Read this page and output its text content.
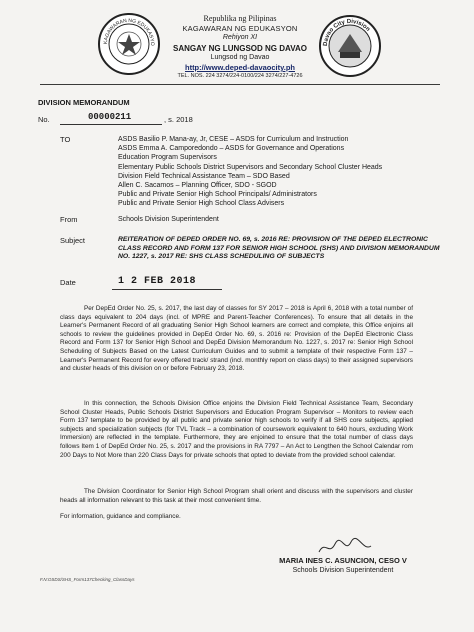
KAGAWARAN NG EDUKASYO	Davao City Division
Republika ng Pilipinas
KAGAWARAN NG EDUKASYON
Rehiyon XI
SANGAY NG LUNGSOD NG DAVAO
Lungsod ng Davao
http://www.deped-davaocity.ph
TEL. NOS. 224 3274/224-0100/224 3274/227-4726
DIVISION MEMORANDUM
No.	00000211	, s. 2018
TO	ASDS Basilio P. Mana-ay, Jr, CESE – ASDS for Curriculum and Instruction
ASDS Emma A. Camporedondo – ASDS for Governance and Operations
Education Program Supervisors
Elementary Public Schools District Supervisors and Secondary School Cluster Heads
Division Field Technical Assistance Team – SDO Based
Allen C. Sacamos – Planning Officer, SDO - SGOD
Public and Private Senior High School Principals/ Administrators
Public and Private Senior High School Class Advisers
From	Schools Division Superintendent
Subject	REITERATION OF DEPED ORDER NO. 69, s. 2016 RE: PROVISION OF THE DEPED ELECTRONIC CLASS RECORD AND FORM 137 FOR SENIOR HIGH SCHOOL (SHS) AND DIVISION MEMORANDUM NO. 1227, s. 2017 RE: SHS CLASS SCHEDULING OF SUBJECTS
Date	1 2 FEB 2018
Per DepEd Order No. 25, s. 2017, the last day of classes for SY 2017 – 2018 is April 6, 2018 with a total number of class days equivalent to 204 days (incl. of MPRE and Parent-Teacher Conferences). To ensure that all details in the Learner's Permanent Record of all graduating Senior High School learners are correct and complete, this Office enjoins all schools to review the guidelines provided in DepEd Order No. 69, s. 2016 re: Provision of the DepEd Electronic Class Record and Form 137 for Senior High School and DepEd Division Memorandum No. 1227, s. 2017 re: Senior High School Scheduling of Subjects Based on the Latest Curriculum Guides and to submit a template of their respective Form 137 – Learner's Permanent Record for every offered track/ strand (incl. monthly report on class days) to their assigned supervisors and cluster heads of this division on or before February 23, 2018.
In this connection, the Schools Division Office enjoins the Division Field Technical Assistance Team, Secondary School Cluster Heads, Public Schools District Supervisors and Education Program Supervisor – Monitors to review each Form 137 template to be provided by all public and private senior high schools to verify if all SHS core subjects, applied subjects and specialization subjects (for TVL Track – a combination of coursework equivalent to 640 hours, excluding Work Immersion) are reflected in the template. Furthermore, they are enjoined to ensure that the total number of class days follows Item 1 of DepEd Order No. 25, s. 2017 and the provisions in RA 7797 – An Act to Lengthen the School Calendar rom 200 Days to Not More than 220 Class Days for private schools that opted to deviate from the provided school calendar.
The Division Coordinator for Senior High School Program shall orient and discuss with the supervisors and cluster heads all information relevant to this task at their most convenient time.
For information, guidance and compliance.
MARIA INES C. ASUNCION, CESO V
Schools Division Superintendent
F.N:OSDS/SHS_Form137Checking_ClassDays
